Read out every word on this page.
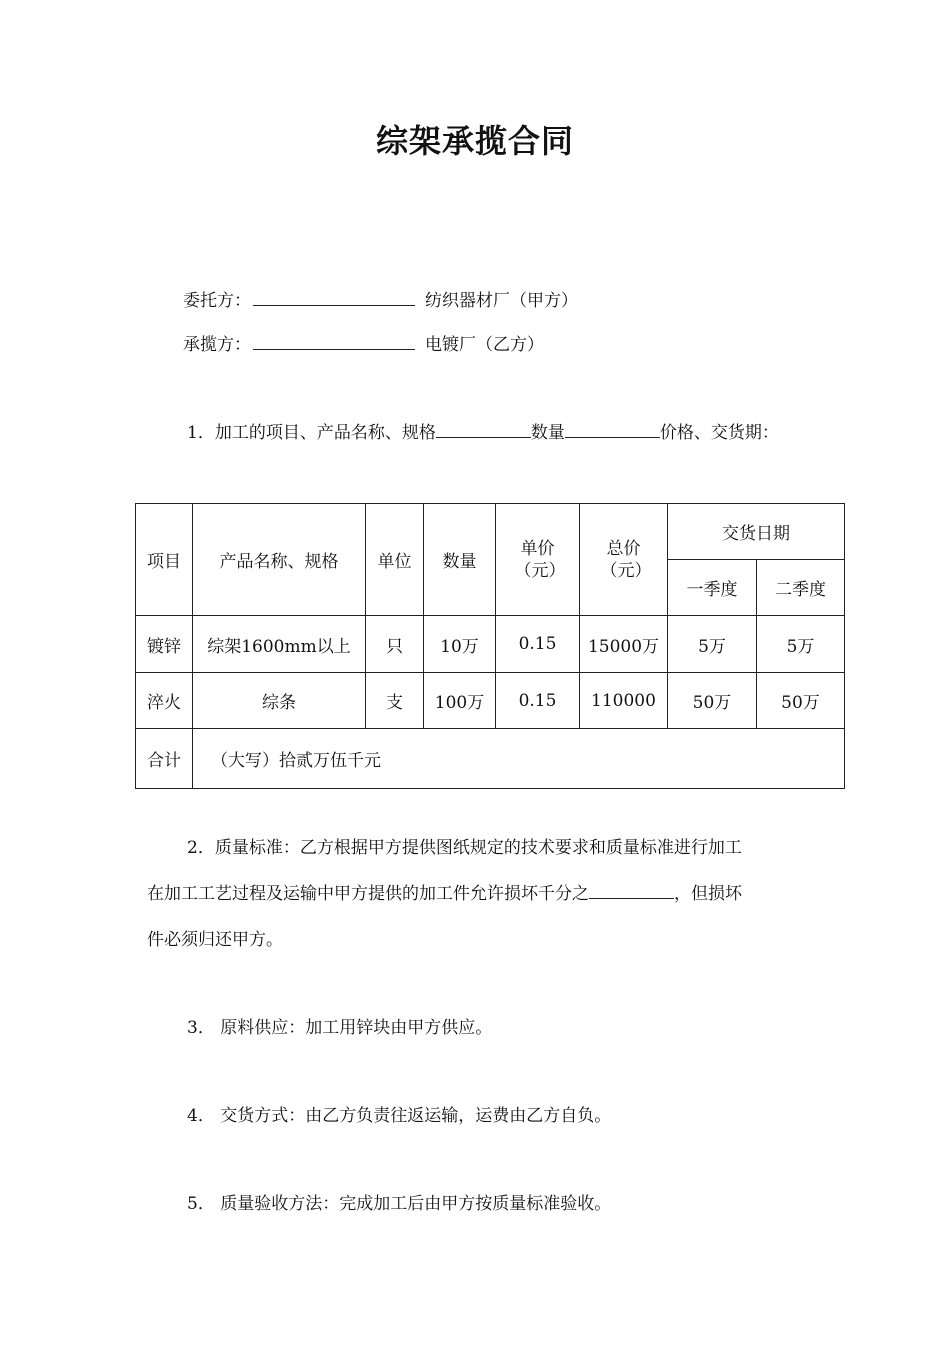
综架承揽合同
委托方：	纺织器材厂（甲方）
承揽方：	电镀厂（乙方）
1．加工的项目、产品名称、规格	数量	价格、交货期：
项目	产品名称、规格	单位	数量	单价（元）	总价（元）	交货日期	
						一季度	二季度
镀锌	综架1600mm以上	只	10万	0.15	15000万	5万	5万
淬火	综条	支	100万	0.15	110000	50万	50万
合计	（大写）拾贰万伍千元						
2．质量标准：乙方根据甲方提供图纸规定的技术要求和质量标准进行加工
在加工工艺过程及运输中甲方提供的加工件允许损坏千分之	，但损坏
件必须归还甲方。
3． 原料供应：加工用锌块由甲方供应。
4． 交货方式：由乙方负责往返运输，运费由乙方自负。
5． 质量验收方法：完成加工后由甲方按质量标准验收。
